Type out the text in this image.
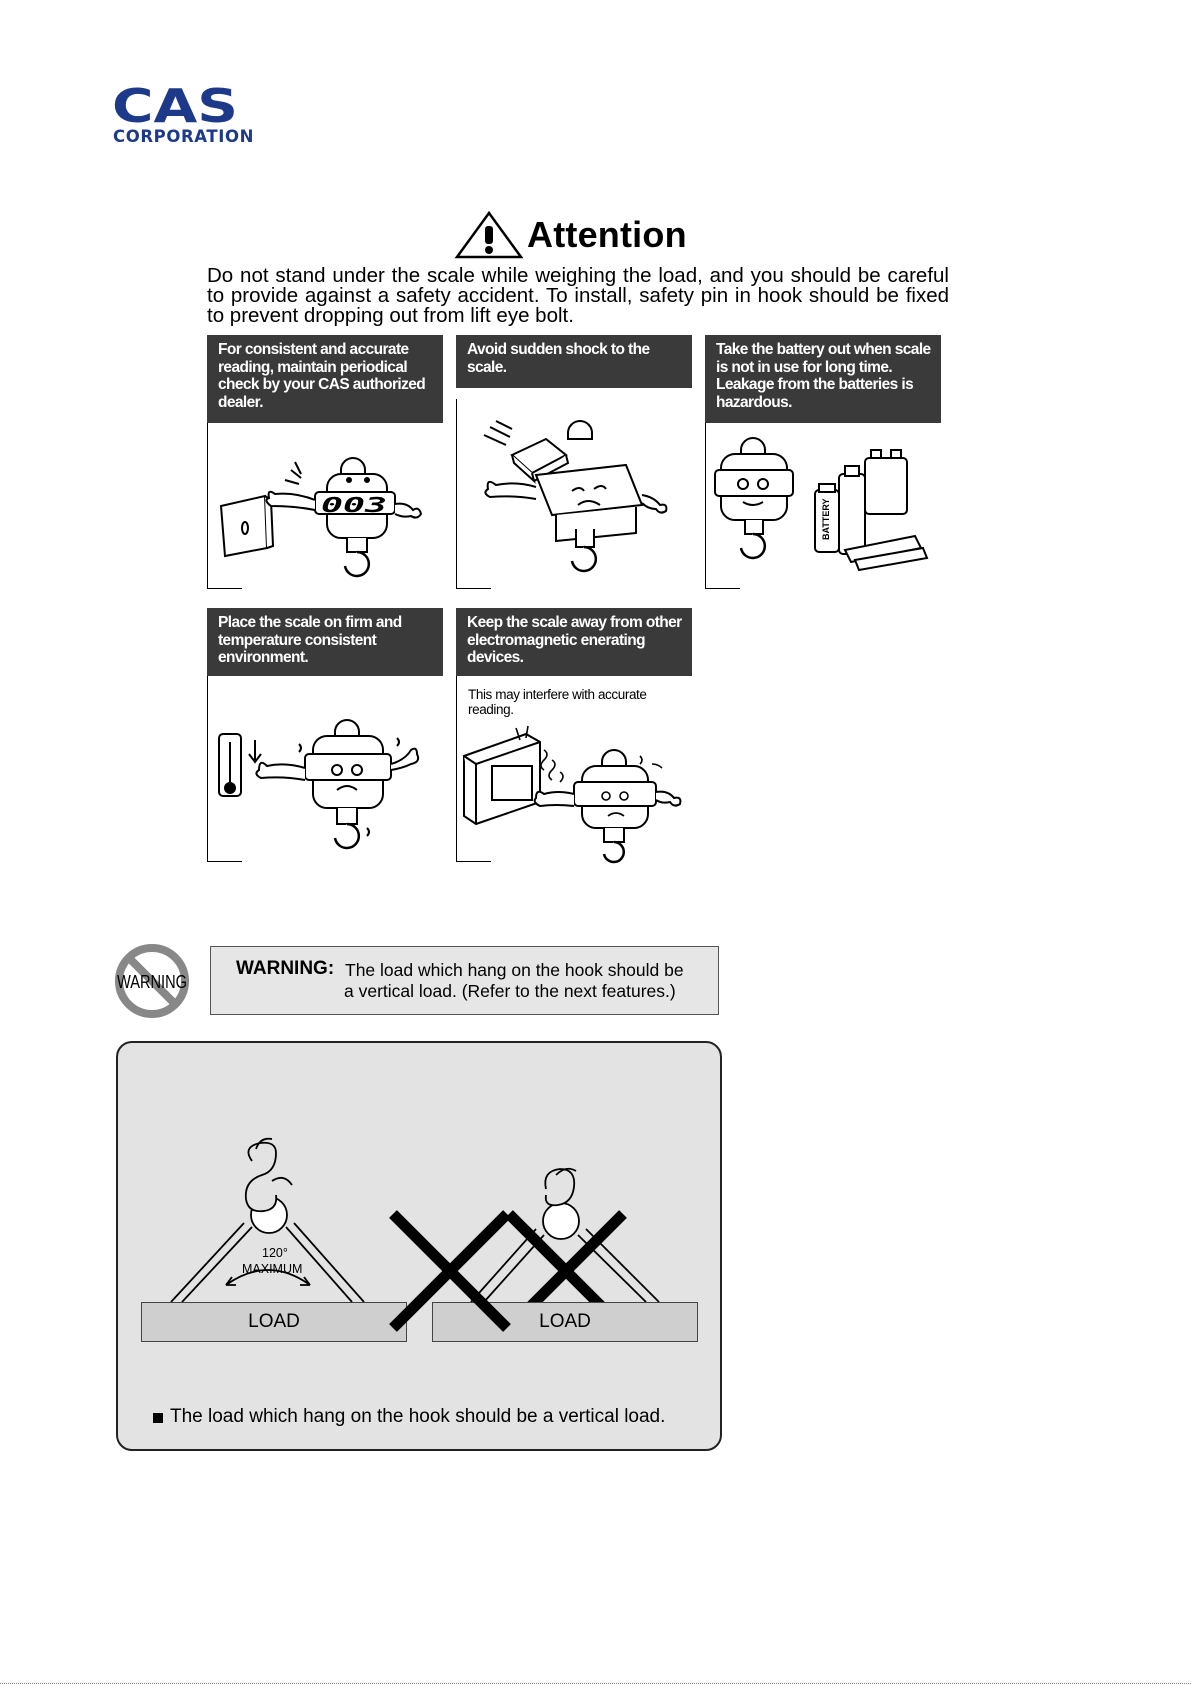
CAS
CORPORATION
Attention
Do not stand under the scale while weighing the load, and you should be careful to provide against a safety accident. To install, safety pin in hook should be fixed to prevent dropping out from lift eye bolt.
For consistent and accurate reading, maintain periodical check by your CAS authorized dealer.
003
Avoid sudden shock to the scale.
Take the battery out when scale is not in use for long time. Leakage from the batteries is hazardous.
BATTERY
Place the scale on firm and temperature consistent environment.
Keep the scale away from other electromagnetic enerating devices.
This may interfere with accurate reading.
WARNING
WARNING: The load which hang on the hook should be
a vertical load. (Refer to the next features.)
120°
MAXIMUM
LOAD	LOAD
The load which hang on the hook should be a vertical load.
